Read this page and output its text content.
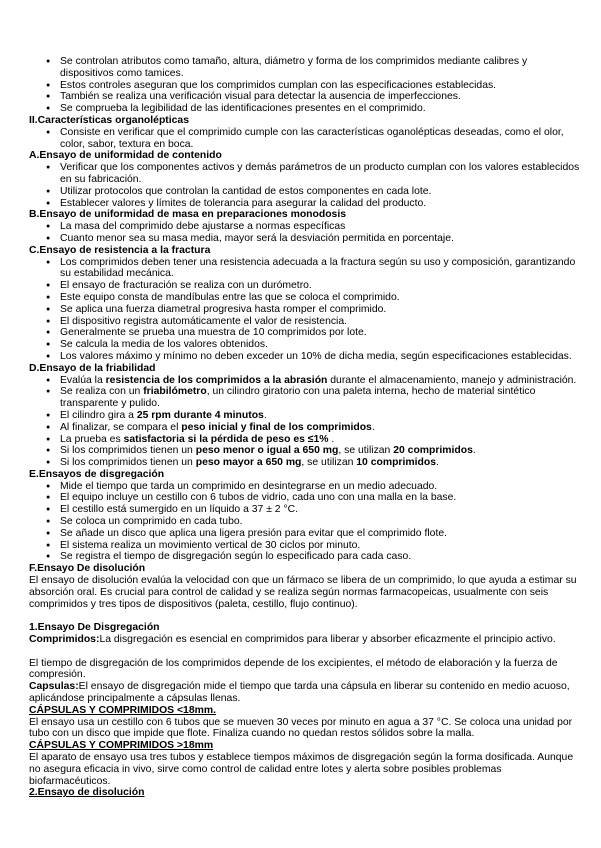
● Se controlan atributos como tamaño, altura, diámetro y forma de los comprimidos mediante calibres y dispositivos como tamices.
● Estos controles aseguran que los comprimidos cumplan con las especificaciones establecidas.
● También se realiza una verificación visual para detectar la ausencia de imperfecciones.
● Se comprueba la legibilidad de las identificaciones presentes en el comprimido.
II.Características organolépticas
● Consiste en verificar que el comprimido cumple con las características oganolépticas deseadas, como el olor, color, sabor, textura en boca.
A.Ensayo de uniformidad de contenido
● Verificar que los componentes activos y demás parámetros de un producto cumplan con los valores establecidos en su fabricación.
● Utilizar protocolos que controlan la cantidad de estos componentes en cada lote.
● Establecer valores y límites de tolerancia para asegurar la calidad del producto.
B.Ensayo de uniformidad de masa en preparaciones monodosis
● La masa del comprimido debe ajustarse a normas específicas
● Cuanto menor sea su masa media, mayor será la desviación permitida en porcentaje.
C.Ensayo de resistencia a la fractura
● Los comprimidos deben tener una resistencia adecuada a la fractura según su uso y composición, garantizando su estabilidad mecánica.
● El ensayo de fracturación se realiza con un durómetro.
● Este equipo consta de mandíbulas entre las que se coloca el comprimido.
● Se aplica una fuerza diametral progresiva hasta romper el comprimido.
● El dispositivo registra automáticamente el valor de resistencia.
● Generalmente se prueba una muestra de 10 comprimidos por lote.
● Se calcula la media de los valores obtenidos.
● Los valores máximo y mínimo no deben exceder un 10% de dicha media, según especificaciones establecidas.
D.Ensayo de la friabilidad
● Evalúa la resistencia de los comprimidos a la abrasión durante el almacenamiento, manejo y administración.
● Se realiza con un friabilómetro, un cilindro giratorio con una paleta interna, hecho de material sintético transparente y pulido.
● El cilindro gira a 25 rpm durante 4 minutos.
● Al finalizar, se compara el peso inicial y final de los comprimidos.
● La prueba es satisfactoria si la pérdida de peso es ≤1% .
● Si los comprimidos tienen un peso menor o igual a 650 mg, se utilizan 20 comprimidos.
● Si los comprimidos tienen un peso mayor a 650 mg, se utilizan 10 comprimidos.
E.Ensayos de disgregación
● Mide el tiempo que tarda un comprimido en desintegrarse en un medio adecuado.
● El equipo incluye un cestillo con 6 tubos de vidrio, cada uno con una malla en la base.
● El cestillo está sumergido en un líquido a 37 ± 2 °C.
● Se coloca un comprimido en cada tubo.
● Se añade un disco que aplica una ligera presión para evitar que el comprimido flote.
● El sistema realiza un movimiento vertical de 30 ciclos por minuto.
● Se registra el tiempo de disgregación según lo especificado para cada caso.
F.Ensayo De disolución

El ensayo de disolución evalúa la velocidad con que un fármaco se libera de un comprimido, lo que ayuda a estimar su absorción oral. Es crucial para control de calidad y se realiza según normas farmacopeicas, usualmente con seis comprimidos y tres tipos de dispositivos (paleta, cestillo, flujo continuo).

1.Ensayo De Disgregación

Comprimidos:La disgregación es esencial en comprimidos para liberar y absorber eficazmente el principio activo.

El tiempo de disgregación de los comprimidos depende de los excipientes, el método de elaboración y la fuerza de compresión.

Capsulas:El ensayo de disgregación mide el tiempo que tarda una cápsula en liberar su contenido en medio acuoso, aplicándose principalmente a cápsulas llenas.

CÁPSULAS Y COMPRIMIDOS <18mm.

El ensayo usa un cestillo con 6 tubos que se mueven 30 veces por minuto en agua a 37 °C. Se coloca una unidad por tubo con un disco que impide que flote. Finaliza cuando no quedan restos sólidos sobre la malla.

CÁPSULAS Y COMPRIMIDOS >18mm

El aparato de ensayo usa tres tubos y establece tiempos máximos de disgregación según la forma dosificada. Aunque no asegura eficacia in vivo, sirve como control de calidad entre lotes y alerta sobre posibles problemas biofarmacéuticos.

2.Ensayo de disolución
